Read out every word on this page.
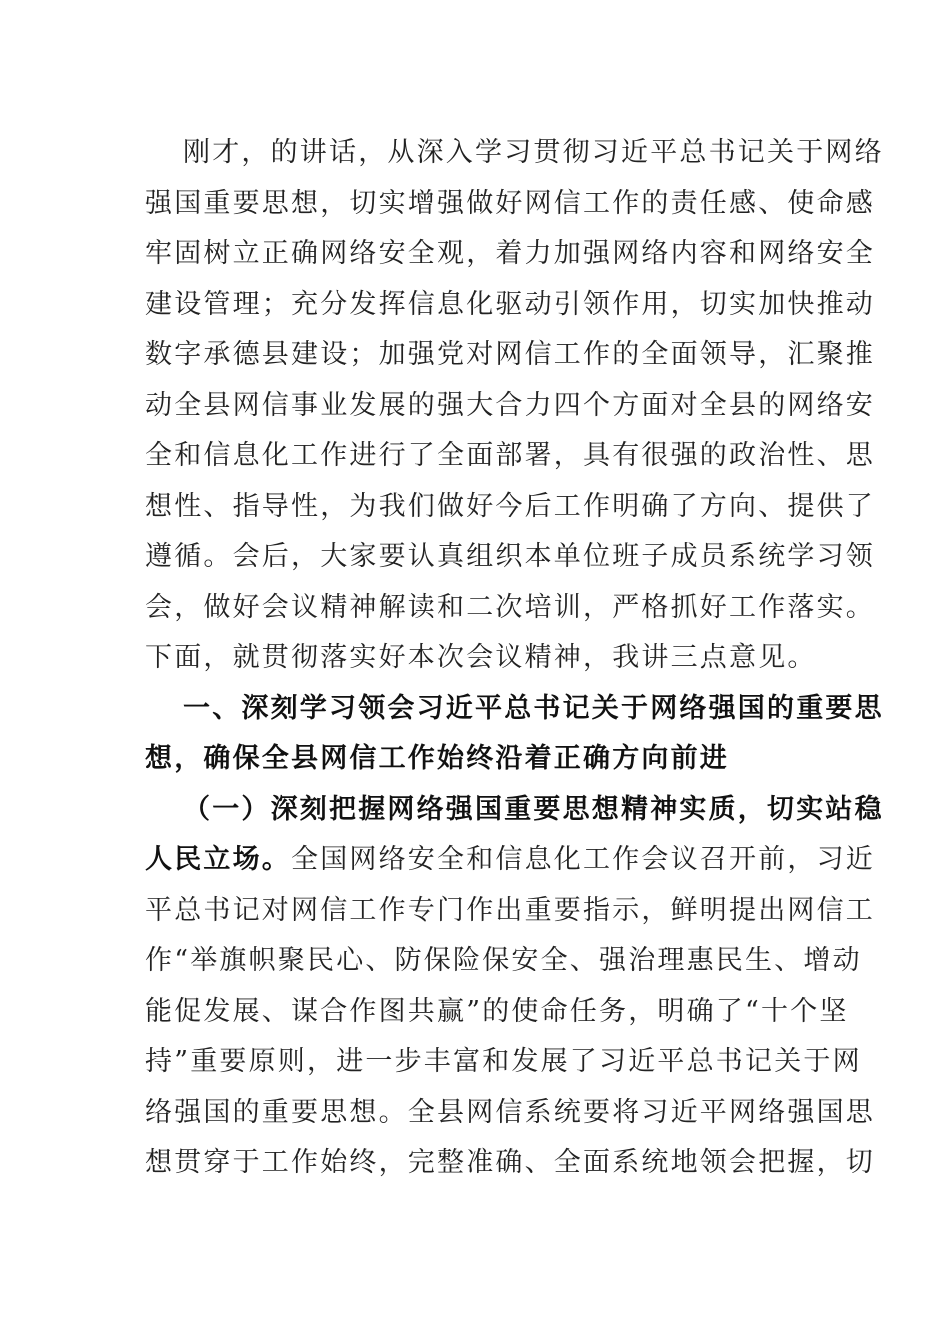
刚才，的讲话，从深入学习贯彻习近平总书记关于网络
强国重要思想，切实增强做好网信工作的责任感、使命感
牢固树立正确网络安全观，着力加强网络内容和网络安全
建设管理；充分发挥信息化驱动引领作用，切实加快推动
数字承德县建设；加强党对网信工作的全面领导，汇聚推
动全县网信事业发展的强大合力四个方面对全县的网络安
全和信息化工作进行了全面部署，具有很强的政治性、思
想性、指导性，为我们做好今后工作明确了方向、提供了
遵循。会后，大家要认真组织本单位班子成员系统学习领
会，做好会议精神解读和二次培训，严格抓好工作落实。
下面，就贯彻落实好本次会议精神，我讲三点意见。
一、深刻学习领会习近平总书记关于网络强国的重要思
想，确保全县网信工作始终沿着正确方向前进
（一）深刻把握网络强国重要思想精神实质，切实站稳
人民立场。全国网络安全和信息化工作会议召开前，习近
平总书记对网信工作专门作出重要指示，鲜明提出网信工
作“举旗帜聚民心、防保险保安全、强治理惠民生、增动
能促发展、谋合作图共赢”的使命任务，明确了“十个坚
持”重要原则，进一步丰富和发展了习近平总书记关于网
络强国的重要思想。全县网信系统要将习近平网络强国思
想贯穿于工作始终，完整准确、全面系统地领会把握，切
